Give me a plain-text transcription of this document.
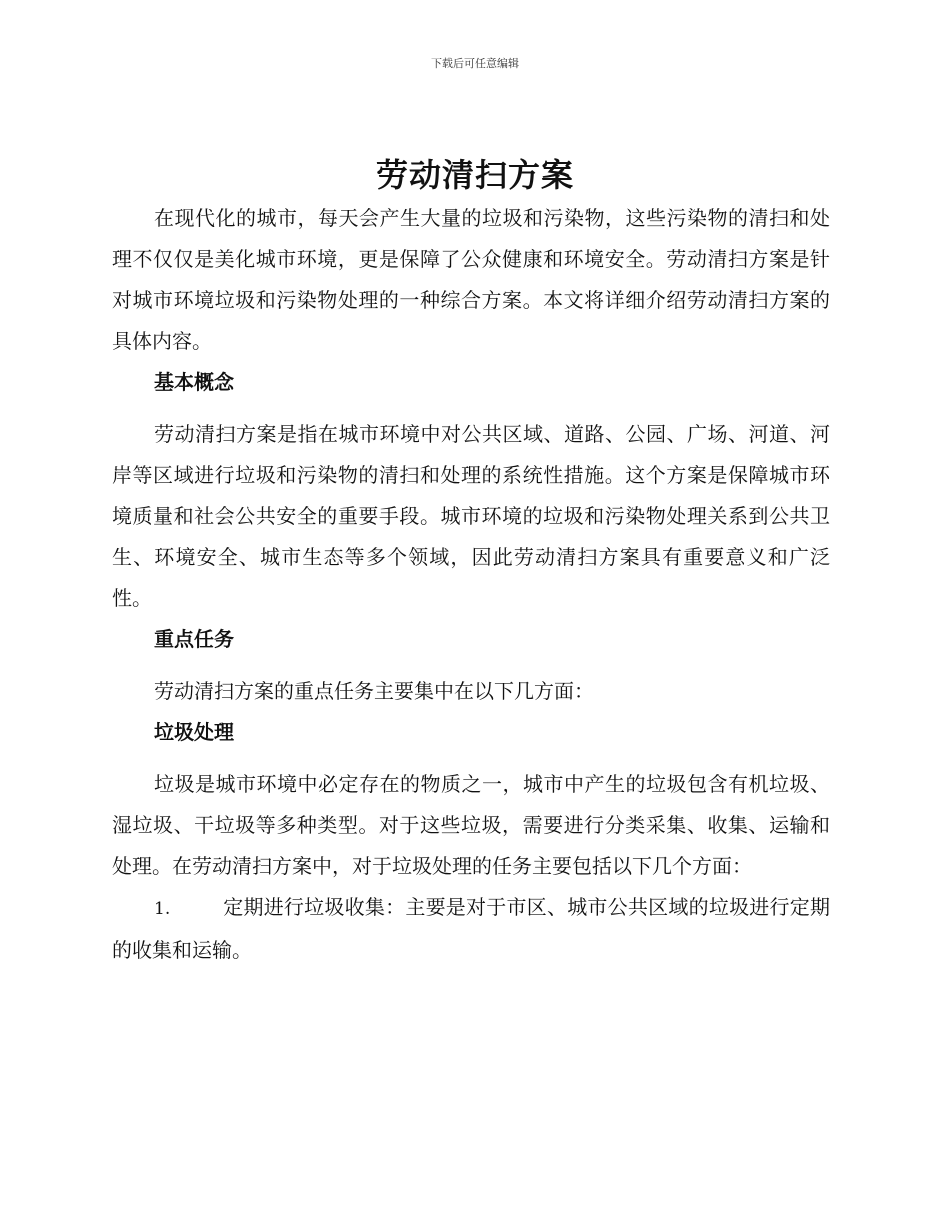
下载后可任意编辑
劳动清扫方案

在现代化的城市，每天会产生大量的垃圾和污染物，这些污染物的清扫和处理不仅仅是美化城市环境，更是保障了公众健康和环境安全。劳动清扫方案是针对城市环境垃圾和污染物处理的一种综合方案。本文将详细介绍劳动清扫方案的具体内容。

基本概念

劳动清扫方案是指在城市环境中对公共区域、道路、公园、广场、河道、河岸等区域进行垃圾和污染物的清扫和处理的系统性措施。这个方案是保障城市环境质量和社会公共安全的重要手段。城市环境的垃圾和污染物处理关系到公共卫生、环境安全、城市生态等多个领域，因此劳动清扫方案具有重要意义和广泛性。

重点任务

劳动清扫方案的重点任务主要集中在以下几方面：

垃圾处理

垃圾是城市环境中必定存在的物质之一，城市中产生的垃圾包含有机垃圾、湿垃圾、干垃圾等多种类型。对于这些垃圾，需要进行分类采集、收集、运输和处理。在劳动清扫方案中，对于垃圾处理的任务主要包括以下几个方面：

1.	定期进行垃圾收集：主要是对于市区、城市公共区域的垃圾进行定期的收集和运输。
